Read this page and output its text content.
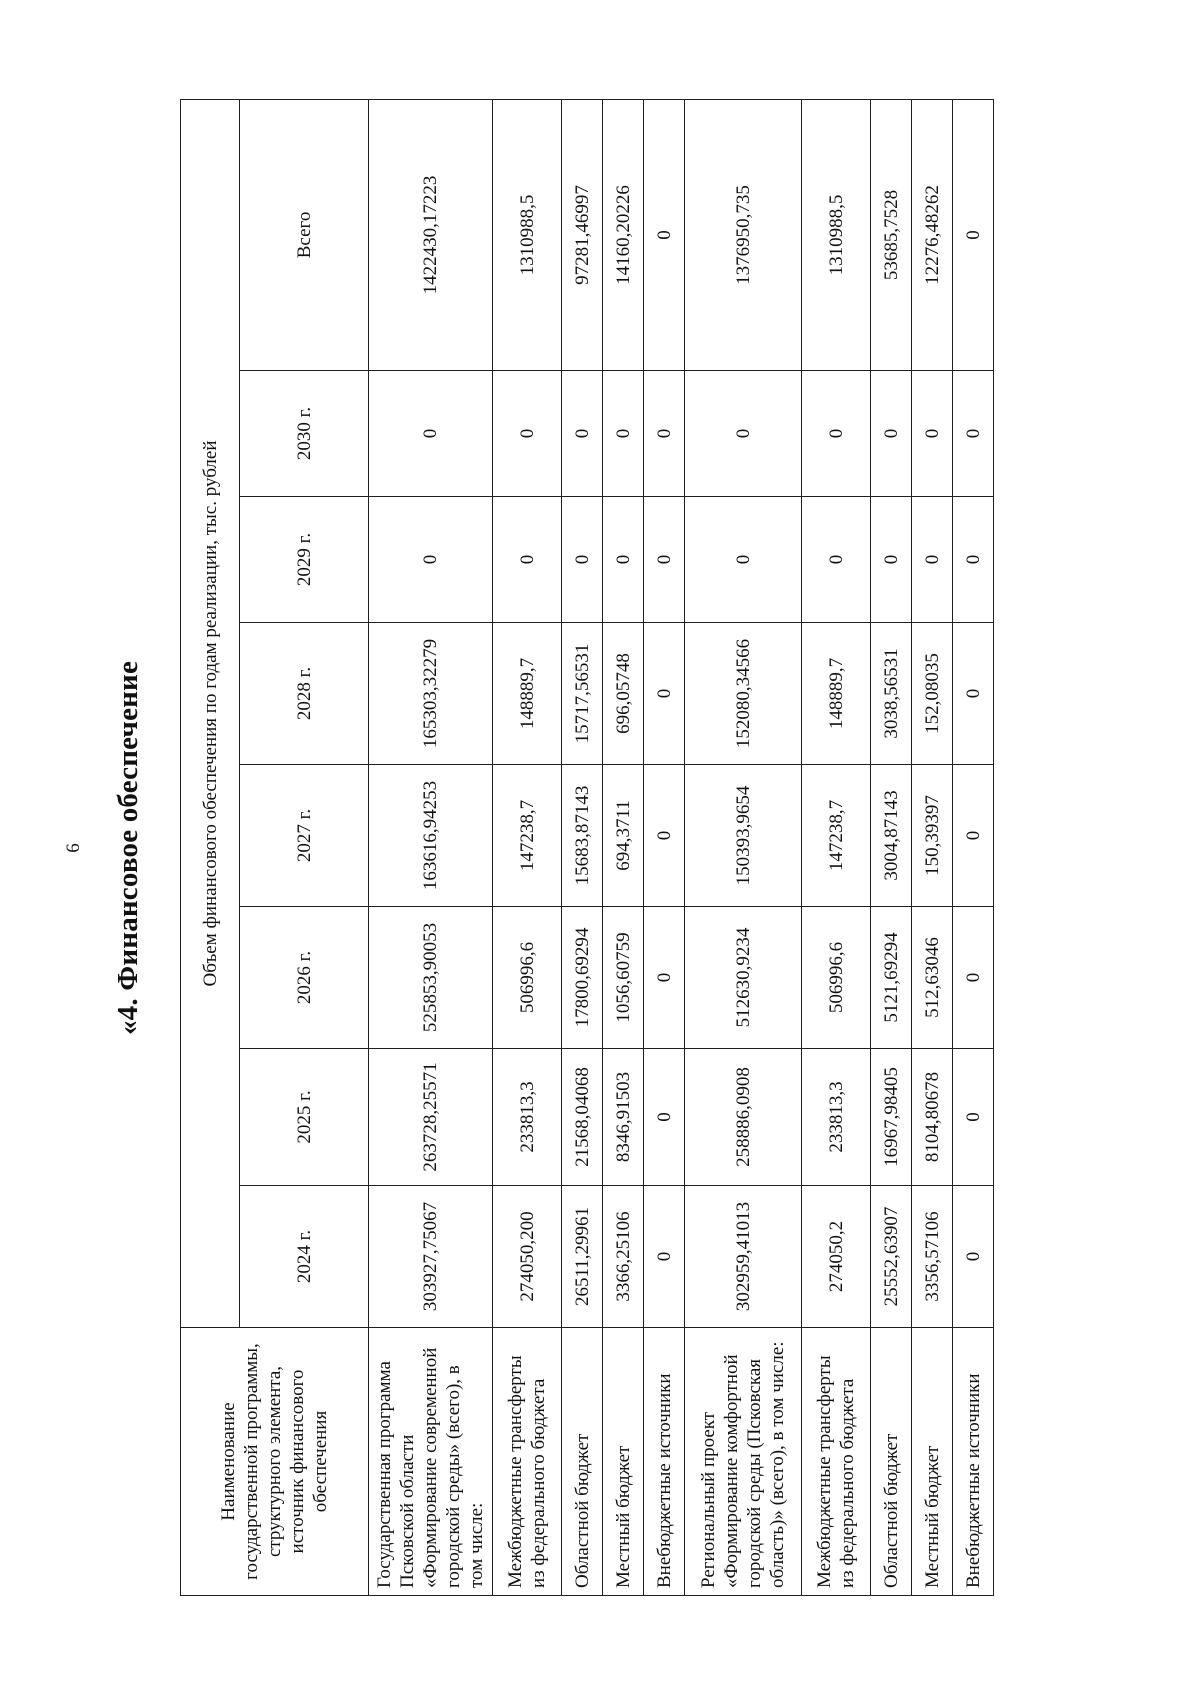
6 «4. Финансовое обеспечение
Наименование государственной программы, структурного элемента, источник финансового обеспечения	Объем финансового обеспечения по годам реализации, тыс. рублей							
	2024 г.	2025 г.	2026 г.	2027 г.	2028 г.	2029 г.	2030 г.	Всего
Государственная программа Псковской области «Формирование современной городской среды» (всего), в том числе:	303927,75067	263728,25571	525853,90053	163616,94253	165303,32279	0	0	1422430,17223
Межбюджетные трансферты из федерального бюджета	274050,200	233813,3	506996,6	147238,7	148889,7	0	0	1310988,5
Областной бюджет	26511,29961	21568,04068	17800,69294	15683,87143	15717,56531	0	0	97281,46997
Местный бюджет	3366,25106	8346,91503	1056,60759	694,3711	696,05748	0	0	14160,20226
Внебюджетные источники	0	0	0	0	0	0	0	0
Региональный проект «Формирование комфортной городской среды (Псковская область)» (всего), в том числе:	302959,41013	258886,0908	512630,9234	150393,9654	152080,34566	0	0	1376950,735
Межбюджетные трансферты из федерального бюджета	274050,2	233813,3	506996,6	147238,7	148889,7	0	0	1310988,5
Областной бюджет	25552,63907	16967,98405	5121,69294	3004,87143	3038,56531	0	0	53685,7528
Местный бюджет	3356,57106	8104,80678	512,63046	150,39397	152,08035	0	0	12276,48262
Внебюджетные источники	0	0	0	0	0	0	0	0
